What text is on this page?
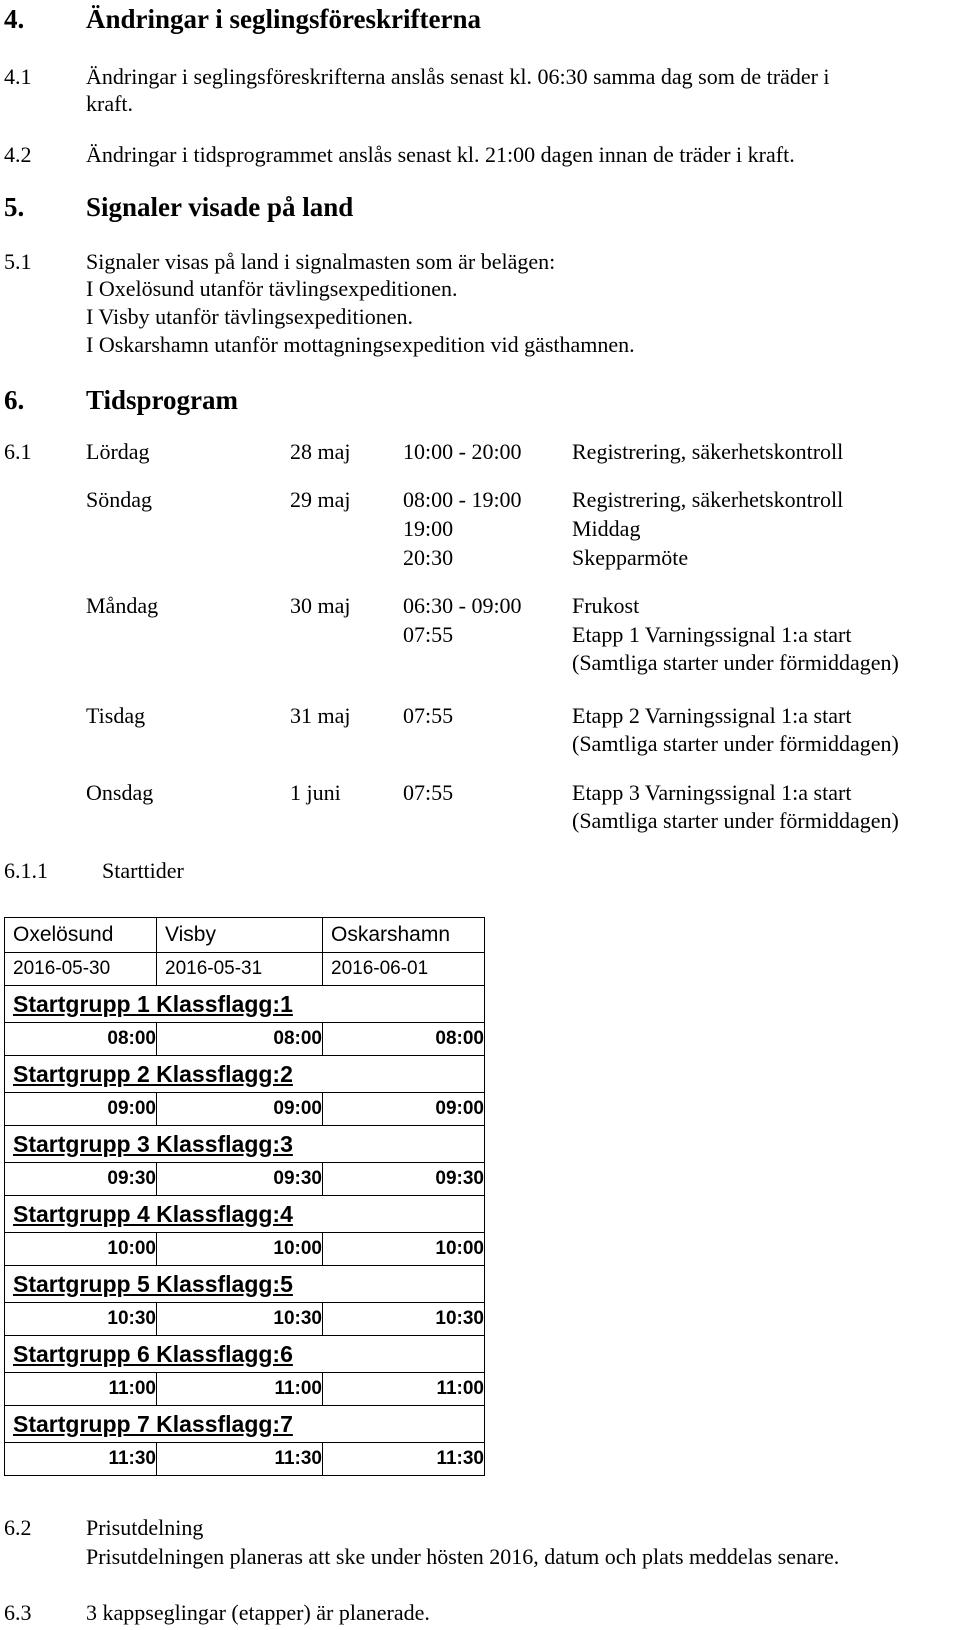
4. Ändringar i seglingsföreskrifterna
4.1 Ändringar i seglingsföreskrifterna anslås senast kl. 06:30 samma dag som de träder i
kraft.
4.2 Ändringar i tidsprogrammet anslås senast kl. 21:00 dagen innan de träder i kraft.
5. Signaler visade på land
5.1 Signaler visas på land i signalmasten som är belägen:
I Oxelösund utanför tävlingsexpeditionen.
I Visby utanför tävlingsexpeditionen.
I Oskarshamn utanför mottagningsexpedition vid gästhamnen.
6. Tidsprogram
6.1 Lördag	28 maj 10:00 - 20:00 Registrering, säkerhetskontroll
Söndag	29 maj 08:00 - 19:00 Registrering, säkerhetskontroll
19:00	Middag
20:30	Skepparmöte
Måndag	30 maj 06:30 - 09:00 Frukost
07:55	Etapp 1 Varningssignal 1:a start
(Samtliga starter under förmiddagen)
Tisdag	31 maj 07:55	Etapp 2 Varningssignal 1:a start
(Samtliga starter under förmiddagen)
Onsdag	1 juni	07:55	Etapp 3 Varningssignal 1:a start
(Samtliga starter under förmiddagen)
6.1.1 Starttider
Oxelösund	Visby	Oskarshamn
2016-05-30	2016-05-31	2016-06-01
Startgrupp 1 Klassflagg:1		
08:00	08:00	08:00
Startgrupp 2 Klassflagg:2		
09:00	09:00	09:00
Startgrupp 3 Klassflagg:3		
09:30	09:30	09:30
Startgrupp 4 Klassflagg:4		
10:00	10:00	10:00
Startgrupp 5 Klassflagg:5		
10:30	10:30	10:30
Startgrupp 6 Klassflagg:6		
11:00	11:00	11:00
Startgrupp 7 Klassflagg:7		
11:30	11:30	11:30
6.2 Prisutdelning
Prisutdelningen planeras att ske under hösten 2016, datum och plats meddelas senare.
6.3 3 kappseglingar (etapper) är planerade.
